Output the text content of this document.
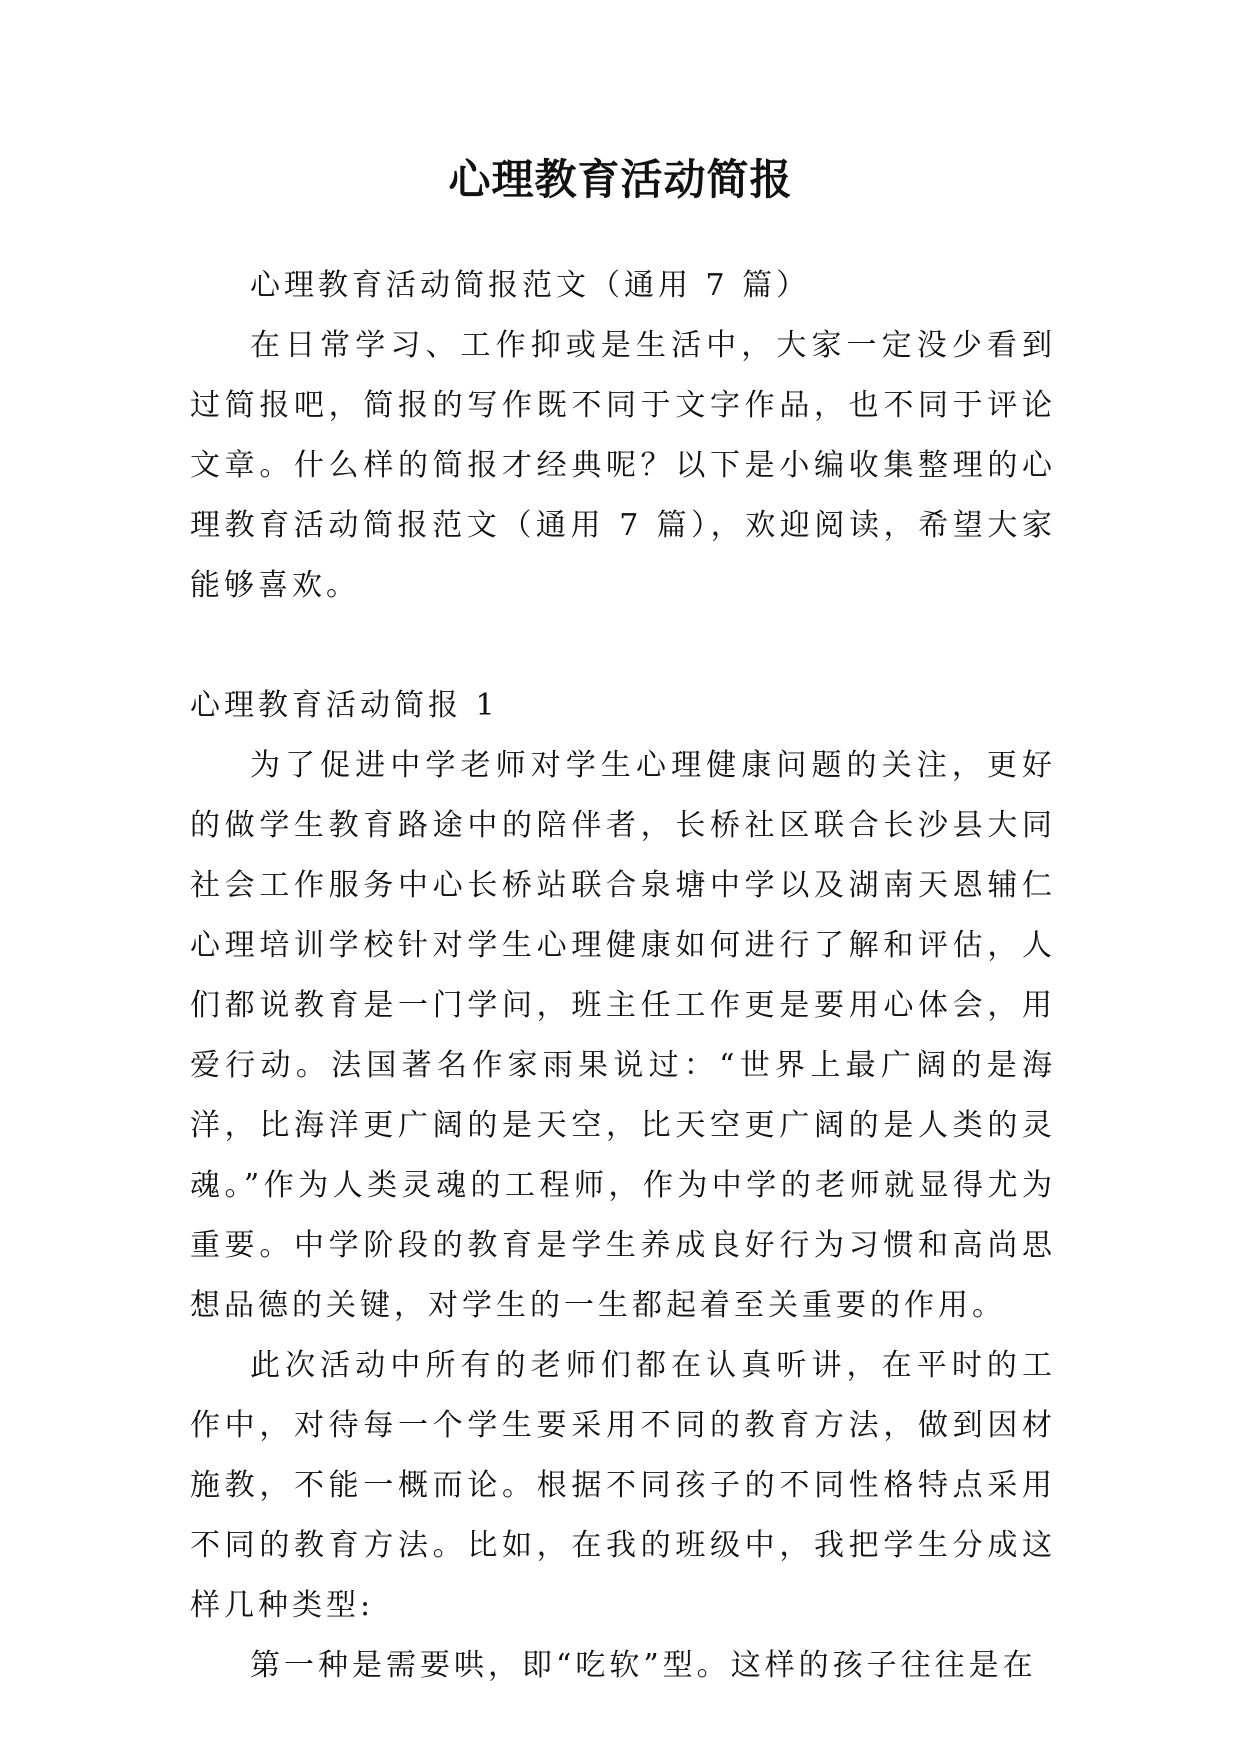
心理教育活动简报

心理教育活动简报范文（通用 7 篇）

在日常学习、工作抑或是生活中，大家一定没少看到过简报吧，简报的写作既不同于文字作品，也不同于评论文章。什么样的简报才经典呢？以下是小编收集整理的心理教育活动简报范文（通用 7 篇），欢迎阅读，希望大家能够喜欢。

心理教育活动简报 1

为了促进中学老师对学生心理健康问题的关注，更好的做学生教育路途中的陪伴者，长桥社区联合长沙县大同社会工作服务中心长桥站联合泉塘中学以及湖南天恩辅仁心理培训学校针对学生心理健康如何进行了解和评估，人们都说教育是一门学问，班主任工作更是要用心体会，用爱行动。法国著名作家雨果说过：“世界上最广阔的是海洋，比海洋更广阔的是天空，比天空更广阔的是人类的灵魂。”作为人类灵魂的工程师，作为中学的老师就显得尤为重要。中学阶段的教育是学生养成良好行为习惯和高尚思想品德的关键，对学生的一生都起着至关重要的作用。

此次活动中所有的老师们都在认真听讲，在平时的工作中，对待每一个学生要采用不同的教育方法，做到因材施教，不能一概而论。根据不同孩子的不同性格特点采用不同的教育方法。比如，在我的班级中，我把学生分成这样几种类型:

第一种是需要哄，即“吃软”型。这样的孩子往往是在
